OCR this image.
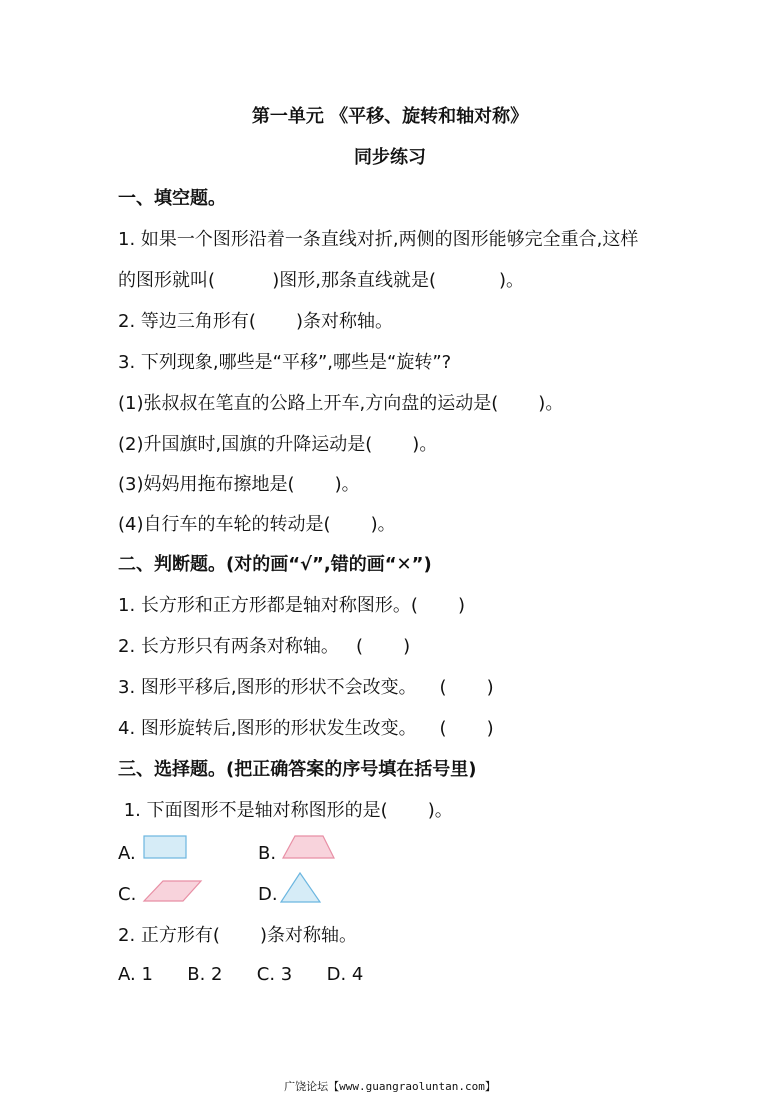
第一单元 《平移、旋转和轴对称》
同步练习
一、填空题。
1. 如果一个图形沿着一条直线对折,两侧的图形能够完全重合,这样
的图形就叫(          )图形,那条直线就是(           )。
2. 等边三角形有(       )条对称轴。
3. 下列现象,哪些是“平移”,哪些是“旋转”?
(1)张叔叔在笔直的公路上开车,方向盘的运动是(       )。
(2)升国旗时,国旗的升降运动是(       )。
(3)妈妈用拖布擦地是(       )。
(4)自行车的车轮的转动是(       )。
二、判断题。(对的画“√”,错的画“✕”)
1. 长方形和正方形都是轴对称图形。(       )
2. 长方形只有两条对称轴。   (       )
3. 图形平移后,图形的形状不会改变。    (       )
4. 图形旋转后,图形的形状发生改变。    (       )
三、选择题。(把正确答案的序号填在括号里)
1. 下面图形不是轴对称图形的是(       )。
A.	B.
C.	D.
2. 正方形有(       )条对称轴。
A. 1      B. 2      C. 3      D. 4
广饶论坛【www.guangraoluntan.com】
